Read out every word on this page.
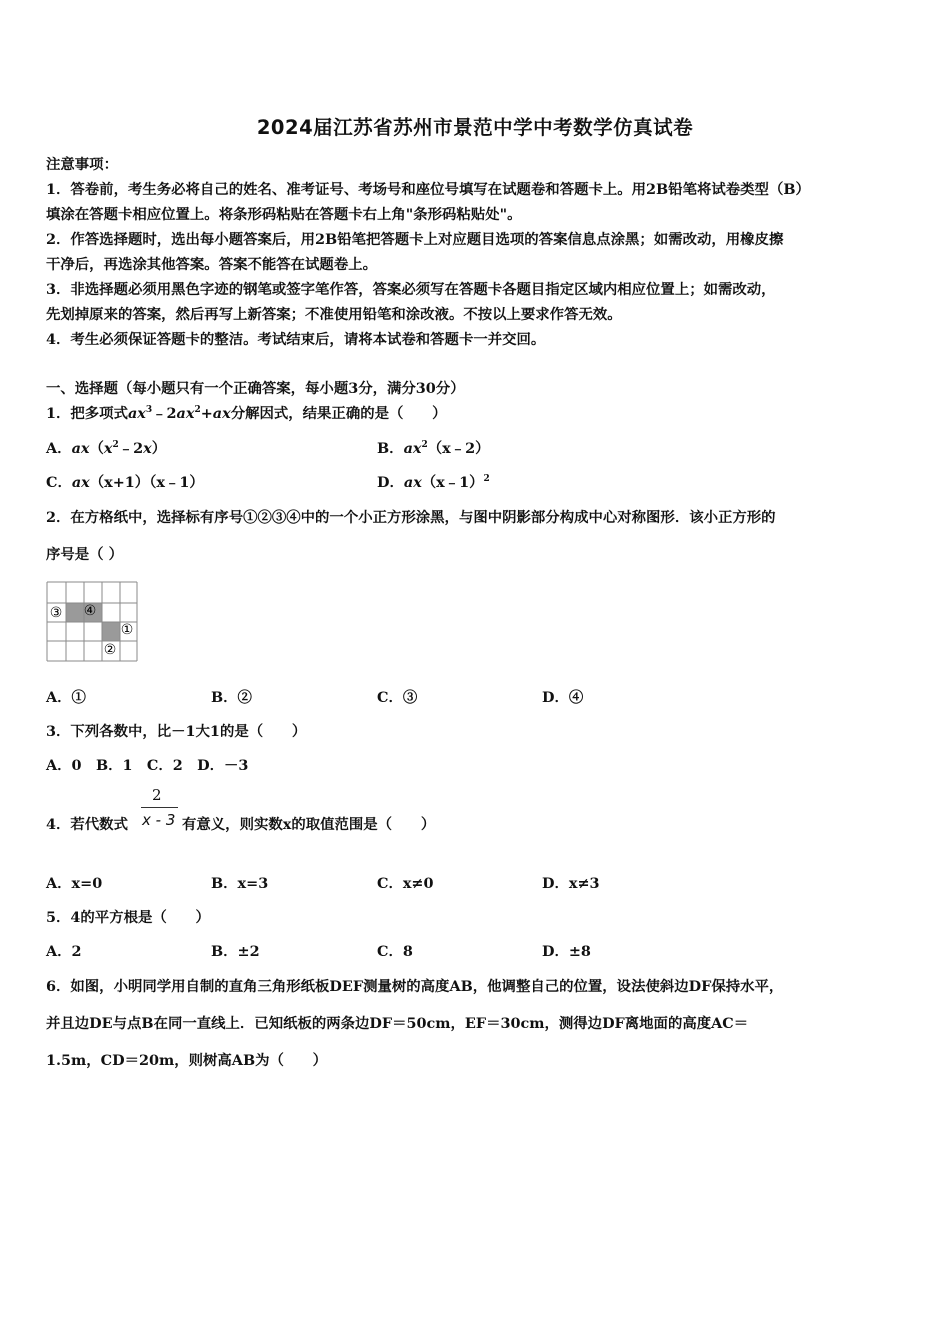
2024届江苏省苏州市景范中学中考数学仿真试卷
注意事项：
1．答卷前，考生务必将自己的姓名、准考证号、考场号和座位号填写在试题卷和答题卡上。用2B铅笔将试卷类型（B）
填涂在答题卡相应位置上。将条形码粘贴在答题卡右上角"条形码粘贴处"。
2．作答选择题时，选出每小题答案后，用2B铅笔把答题卡上对应题目选项的答案信息点涂黑；如需改动，用橡皮擦
干净后，再选涂其他答案。答案不能答在试题卷上。
3．非选择题必须用黑色字迹的钢笔或签字笔作答，答案必须写在答题卡各题目指定区域内相应位置上；如需改动，
先划掉原来的答案，然后再写上新答案；不准使用铅笔和涂改液。不按以上要求作答无效。
4．考生必须保证答题卡的整洁。考试结束后，请将本试卷和答题卡一并交回。
一、选择题（每小题只有一个正确答案，每小题3分，满分30分）
1．把多项式$ax^3﹣2ax^2+ax$分解因式，结果正确的是（　　）
A．$ax(x^2﹣2x)$	B．$ax^2(x﹣2)$
C．ax（x+1）（x﹣1）	D．ax（x﹣1）$^2$
2．在方格纸中，选择标有序号①②③④中的一个小正方形涂黑，与图中阴影部分构成中心对称图形．该小正方形的
序号是（ ）
③ ④
①
②
A．①	B．②	C．③	D．④
3．下列各数中，比－1大1的是（　　）
A．0　B．1　C．2　D．－3
2
x - 3
4．若代数式	有意义，则实数x的取值范围是（　　）
A．x=0	B．x=3	C．x≠0	D．x≠3
5．4的平方根是（　　）
A．2	B．±2	C．8	D．±8
6．如图，小明同学用自制的直角三角形纸板DEF测量树的高度AB，他调整自己的位置，设法使斜边DF保持水平，
并且边DE与点B在同一直线上．已知纸板的两条边DF＝50cm，EF＝30cm，测得边DF离地面的高度AC＝
1.5m，CD＝20m，则树高AB为（　　）
